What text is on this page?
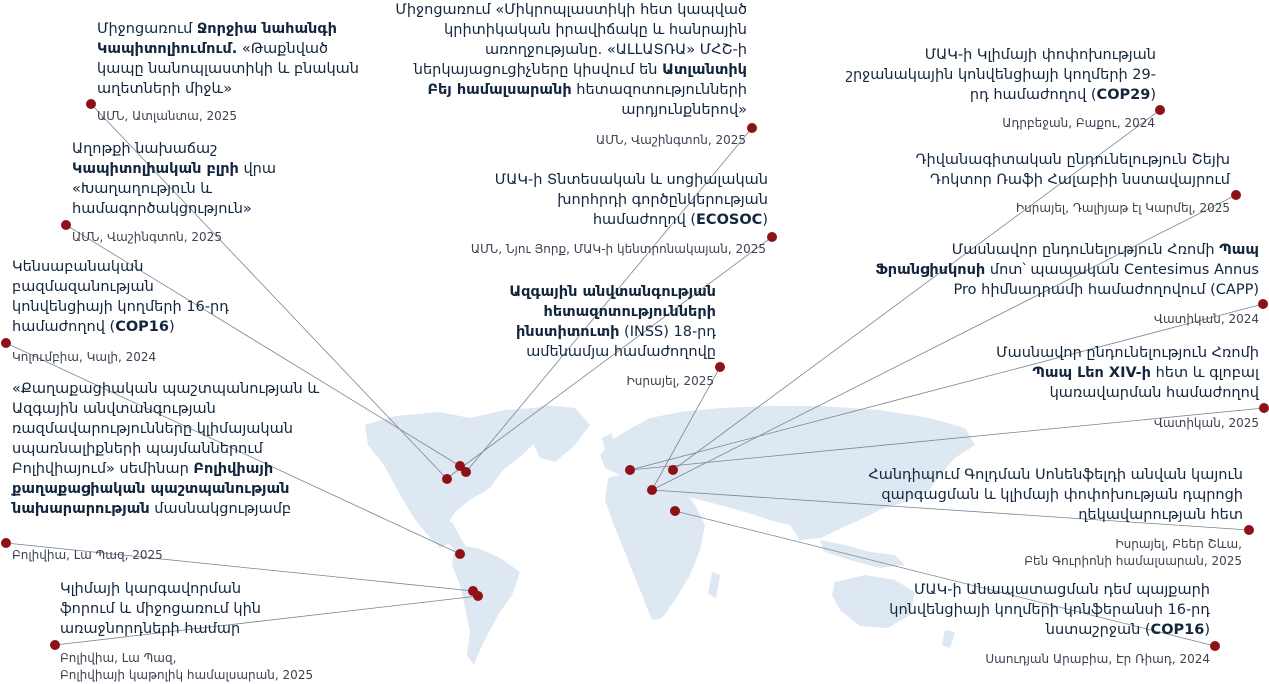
Միջոցառում Ջորջիա նահանգի Կապիտոլիումում. «Թաքնված կապը նանոպլաստիկի և բնական աղետների միջև»
ԱՄՆ, Ատլանտա, 2025
Աղոթքի նախաճաշ Կապիտոլիական բլրի վրա «Խաղաղություն և համագործակցություն»
ԱՄՆ, Վաշինգտոն, 2025
Կենսաբանական բազմազանության կոնվենցիայի կողմերի 16-րդ համաժողով (COP16)
Կոլումբիա, Կալի, 2024
«Քաղաքացիական պաշտպանության և Ազգային անվտանգության ռազմավարությունները կլիմայական սպառնալիքների պայմաններում Բոլիվիայում» սեմինար Բոլիվիայի քաղաքացիական պաշտպանության նախարարության մասնակցությամբ
Բոլիվիա, Լա Պազ, 2025
Կլիմայի կարգավորման ֆորում և միջոցառում կին առաջնորդների համար
Բոլիվիա, Լա Պազ,
Բոլիվիայի կաթոլիկ համալսարան, 2025
Միջոցառում «Միկրոպլաստիկի հետ կապված կրիտիկական իրավիճակը և հանրային առողջությանը. «ԱԼԼԱՏՌԱ» ՄՀՇ-ի ներկայացուցիչները կիսվում են Ատլանտիկ Բեյ համալսարանի հետազոտությունների արդյունքներով»
ԱՄՆ, Վաշինգտոն, 2025
ՄԱԿ-ի Տնտեսական և սոցիալական խորհրդի գործընկերության համաժողով (ECOSOC)
ԱՄՆ, Նյու Յորք, ՄԱԿ-ի կենտրոնակայան, 2025
Ազգային անվտանգության հետազոտությունների ինստիտուտի (INSS) 18-րդ ամենամյա համաժողովը
Իսրայել, 2025
ՄԱԿ-ի Կլիմայի փոփոխության շրջանակային կոնվենցիայի կողմերի 29-րդ համաժողով (COP29)
Ադրբեջան, Բաքու, 2024
Դիվանագիտական ընդունելություն Շեյխ Դոկտոր Ռաֆի Հալաբիի նստավայրում
Իսրայել, Դալիյաթ էլ Կարմել, 2025
Մասնավոր ընդունելություն Հռոմի Պապ Ֆրանցիսկոսի մոտ՝ պապական Centesimus Annus Pro հիմնադրամի համաժողովում (CAPP)
Վատիկան, 2024
Մասնավոր ընդունելություն Հռոմի Պապ Լեո XIV-ի հետ և գլոբալ կառավարման համաժողով
Վատիկան, 2025
Հանդիպում Գոլդման Սոնենֆելդի անվան կայուն զարգացման և կլիմայի փոփոխության դպրոցի ղեկավարության հետ
Իսրայել, Բեեր Շևա,
Բեն Գուրիոնի համալսարան, 2025
ՄԱԿ-ի Անապատացման դեմ պայքարի կոնվենցիայի կողմերի կոնֆերանսի 16-րդ նստաշրջան (COP16)
Սաուդյան Արաբիա, Էր Ռիադ, 2024
